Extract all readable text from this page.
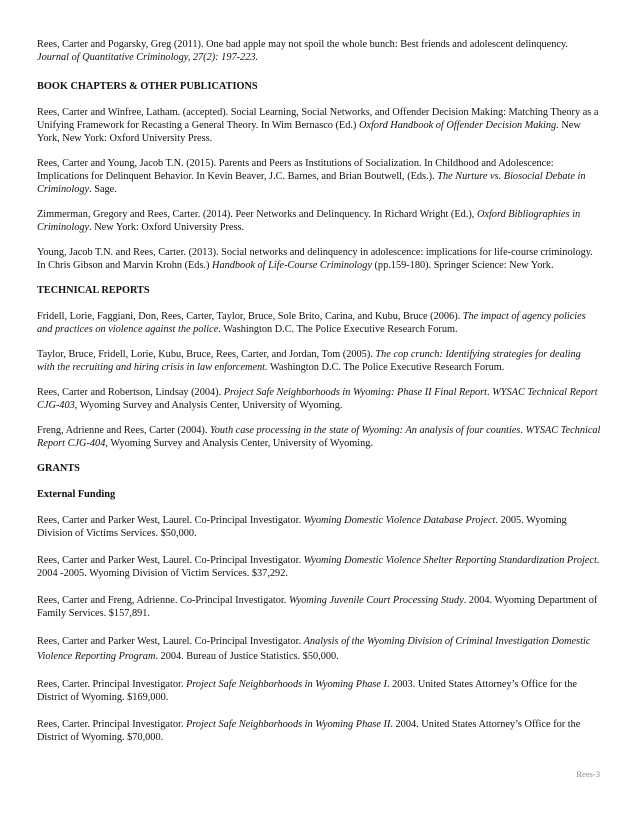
Rees, Carter and Pogarsky, Greg (2011). One bad apple may not spoil the whole bunch: Best friends and adolescent delinquency.
Journal of Quantitative Criminology, 27(2): 197-223.

BOOK CHAPTERS & OTHER PUBLICATIONS

Rees, Carter and Winfree, Latham. (accepted). Social Learning, Social Networks, and Offender Decision Making: Matching Theory as a Unifying Framework for Recasting a General Theory. In Wim Bernasco (Ed.) Oxford Handbook of Offender Decision Making. New York, New York: Oxford University Press.

Rees, Carter and Young, Jacob T.N. (2015). Parents and Peers as Institutions of Socialization. In Childhood and Adolescence: Implications for Delinquent Behavior. In Kevin Beaver, J.C. Barnes, and Brian Boutwell, (Eds.). The Nurture vs. Biosocial Debate in Criminology. Sage.

Zimmerman, Gregory and Rees, Carter. (2014). Peer Networks and Delinquency. In Richard Wright (Ed.), Oxford Bibliographies in Criminology. New York: Oxford University Press.

Young, Jacob T.N. and Rees, Carter. (2013). Social networks and delinquency in adolescence: implications for life-course criminology. In Chris Gibson and Marvin Krohn (Eds.) Handbook of Life-Course Criminology (pp.159-180). Springer Science: New York.

TECHNICAL REPORTS

Fridell, Lorie, Faggiani, Don, Rees, Carter, Taylor, Bruce, Sole Brito, Carina, and Kubu, Bruce (2006). The impact of agency policies and practices on violence against the police. Washington D.C. The Police Executive Research Forum.

Taylor, Bruce, Fridell, Lorie, Kubu, Bruce, Rees, Carter, and Jordan, Tom (2005). The cop crunch: Identifying strategies for dealing with the recruiting and hiring crisis in law enforcement. Washington D.C. The Police Executive Research Forum.

Rees, Carter and Robertson, Lindsay (2004). Project Safe Neighborhoods in Wyoming: Phase II Final Report. WYSAC Technical Report CJG-403, Wyoming Survey and Analysis Center, University of Wyoming.

Freng, Adrienne and Rees, Carter (2004). Youth case processing in the state of Wyoming: An analysis of four counties. WYSAC Technical Report CJG-404, Wyoming Survey and Analysis Center, University of Wyoming.

GRANTS
External Funding

Rees, Carter and Parker West, Laurel. Co-Principal Investigator. Wyoming Domestic Violence Database Project. 2005. Wyoming Division of Victims Services. $50,000.

Rees, Carter and Parker West, Laurel. Co-Principal Investigator. Wyoming Domestic Violence Shelter Reporting Standardization Project. 2004 -2005. Wyoming Division of Victim Services. $37,292.

Rees, Carter and Freng, Adrienne. Co-Principal Investigator. Wyoming Juvenile Court Processing Study. 2004. Wyoming Department of Family Services. $157,891.

Rees, Carter and Parker West, Laurel. Co-Principal Investigator. Analysis of the Wyoming Division of Criminal Investigation Domestic Violence Reporting Program. 2004. Bureau of Justice Statistics. $50,000.

Rees, Carter. Principal Investigator. Project Safe Neighborhoods in Wyoming Phase I. 2003. United States Attorney’s Office for the District of Wyoming. $169,000.

Rees, Carter. Principal Investigator. Project Safe Neighborhoods in Wyoming Phase II. 2004. United States Attorney’s Office for the District of Wyoming. $70,000.

Rees-3
